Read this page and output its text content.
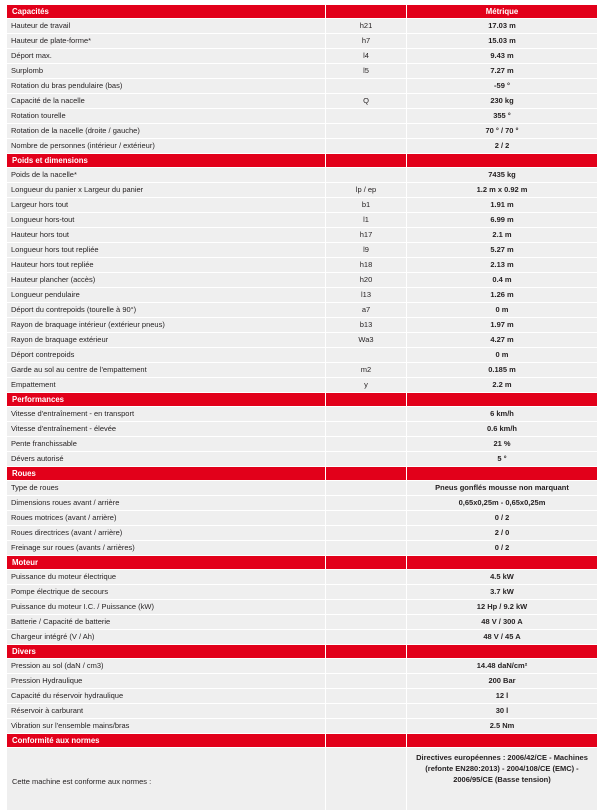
Capacités		Métrique

Hauteur de travail	h21	17.03 m

Hauteur de plate-forme*	h7	15.03 m

Déport max.	l4	9.43 m

Surplomb	l5	7.27 m

Rotation du bras pendulaire (bas)		-59 °

Capacité de la nacelle	Q	230 kg

Rotation tourelle		355 °

Rotation de la nacelle (droite / gauche)		70 ° / 70 °

Nombre de personnes (intérieur / extérieur)		2 / 2

Poids et dimensions		

Poids de la nacelle*		7435 kg

Longueur du panier x Largeur du panier	lp / ep	1.2 m x 0.92 m

Largeur hors tout	b1	1.91 m

Longueur hors-tout	l1	6.99 m

Hauteur hors tout	h17	2.1 m

Longueur hors tout repliée	l9	5.27 m

Hauteur hors tout repliée	h18	2.13 m

Hauteur plancher (accès)	h20	0.4 m

Longueur pendulaire	l13	1.26 m

Déport du contrepoids (tourelle à 90°)	a7	0 m

Rayon de braquage intérieur (extérieur pneus)	b13	1.97 m

Rayon de braquage extérieur	Wa3	4.27 m

Déport contrepoids		0 m

Garde au sol au centre de l'empattement	m2	0.185 m

Empattement	y	2.2 m

Performances		

Vitesse d'entraînement - en transport		6 km/h

Vitesse d'entraînement - élevée		0.6 km/h

Pente franchissable		21 %

Dévers autorisé		5 °

Roues		

Type de roues		Pneus gonflés mousse non marquant

Dimensions roues avant / arrière		0,65x0,25m - 0,65x0,25m

Roues motrices (avant / arrière)		0 / 2

Roues directrices (avant / arrière)		2 / 0

Freinage sur roues (avants / arrières)		0 / 2

Moteur		

Puissance du moteur électrique		4.5 kW

Pompe électrique de secours		3.7 kW

Puissance du moteur I.C. / Puissance (kW)		12 Hp / 9.2 kW

Batterie / Capacité de batterie		48 V / 300 A

Chargeur intégré (V / Ah)		48 V / 45 A

Divers		

Pression au sol (daN / cm3)		14.48 daN/cm²

Pression Hydraulique		200 Bar

Capacité du réservoir hydraulique		12 l

Réservoir à carburant		30 l

Vibration sur l'ensemble mains/bras		2.5 Nm

Conformité aux normes		

Cette machine est conforme aux normes :		Directives européennes : 2006/42/CE - Machines (refonte EN280:2013) - 2004/108/CE (EMC) - 2006/95/CE (Basse tension)
